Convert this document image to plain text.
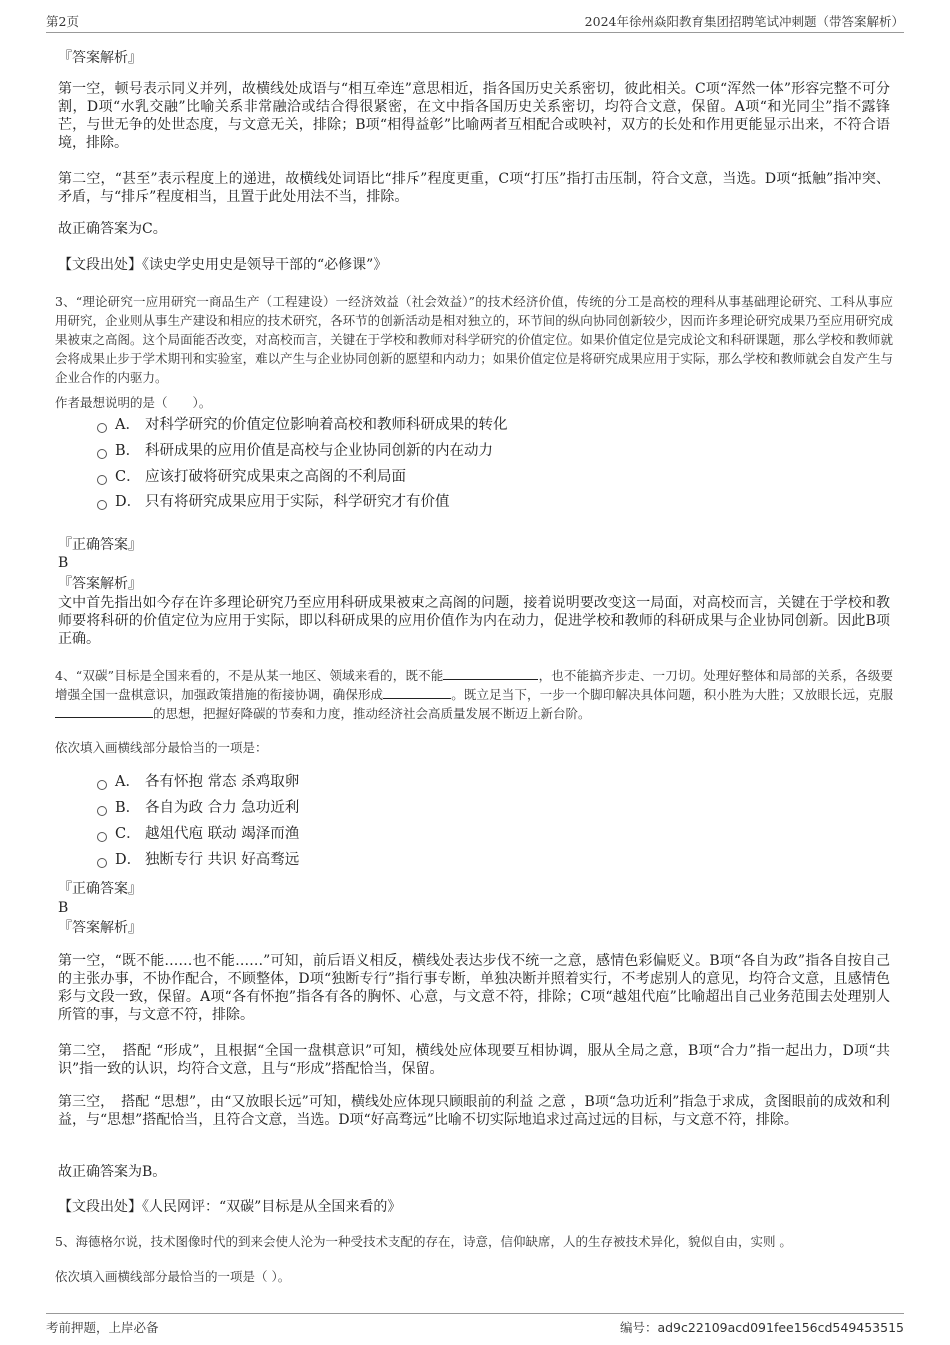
第2页	2024年徐州焱阳教育集团招聘笔试冲刺题（带答案解析）
『答案解析』
第一空，顿号表示同义并列，故横线处成语与“相互牵连”意思相近，指各国历史关系密切，彼此相关。C项“浑然一体”形容完整不可分割，D项“水乳交融”比喻关系非常融洽或结合得很紧密，在文中指各国历史关系密切，均符合文意，保留。A项“和光同尘”指不露锋芒，与世无争的处世态度，与文意无关，排除；B项“相得益彰”比喻两者互相配合或映衬，双方的长处和作用更能显示出来，不符合语境，排除。
第二空，“甚至”表示程度上的递进，故横线处词语比“排斥”程度更重，C项“打压”指打击压制，符合文意，当选。D项“抵触”指冲突、矛盾，与“排斥”程度相当，且置于此处用法不当，排除。
故正确答案为C。
【文段出处】《读史学史用史是领导干部的“必修课”》
3、“理论研究一应用研究一商品生产（工程建设）一经济效益（社会效益）”的技术经济价值，传统的分工是高校的理科从事基础理论研究、工科从事应用研究，企业则从事生产建设和相应的技术研究，各环节的创新活动是相对独立的，环节间的纵向协同创新较少，因而许多理论研究成果乃至应用研究成果被束之高阁。这个局面能否改变，对高校而言，关键在于学校和教师对科学研究的价值定位。如果价值定位是完成论文和科研课题，那么学校和教师就会将成果止步于学术期刊和实验室，难以产生与企业协同创新的愿望和内动力；如果价值定位是将研究成果应用于实际，那么学校和教师就会自发产生与企业合作的内驱力。
作者最想说明的是（　　）。
A． 对科学研究的价值定位影响着高校和教师科研成果的转化
B． 科研成果的应用价值是高校与企业协同创新的内在动力
C． 应该打破将研究成果束之高阁的不利局面
D． 只有将研究成果应用于实际，科学研究才有价值
『正确答案』
B
『答案解析』
文中首先指出如今存在许多理论研究乃至应用科研成果被束之高阁的问题，接着说明要改变这一局面，对高校而言，关键在于学校和教师要将科研的价值定位为应用于实际，即以科研成果的应用价值作为内在动力，促进学校和教师的科研成果与企业协同创新。因此B项正确。
4、“双碳”目标是全国来看的，不是从某一地区、领域来看的，既不能	，也不能搞齐步走、一刀切。处理好整体和局部的关系，各级要增强全国一盘棋意识，加强政策措施的衔接协调，确保形成	。既立足当下，一步一个脚印解决具体问题，积小胜为大胜；又放眼长远，克服的思想，把握好降碳的节奏和力度，推动经济社会高质量发展不断迈上新台阶。
依次填入画横线部分最恰当的一项是：
A． 各有怀抱 常态 杀鸡取卵
B． 各自为政 合力 急功近利
C． 越俎代庖 联动 竭泽而渔
D． 独断专行 共识 好高骛远
『正确答案』
B
『答案解析』
第一空，“既不能……也不能……”可知，前后语义相反，横线处表达步伐不统一之意，感情色彩偏贬义。B项“各自为政”指各自按自己的主张办事，不协作配合，不顾整体，D项“独断专行”指行事专断，单独决断并照着实行，不考虑别人的意见，均符合文意，且感情色彩与文段一致，保留。A项“各有怀抱”指各有各的胸怀、心意，与文意不符，排除；C项“越俎代庖”比喻超出自己业务范围去处理别人所管的事，与文意不符，排除。
第二空，　搭配 “形成”，且根据“全国一盘棋意识”可知，横线处应体现要互相协调，服从全局之意，B项“合力”指一起出力，D项“共识”指一致的认识，均符合文意，且与“形成”搭配恰当，保留。
第三空，　搭配 “思想”，由“又放眼长远”可知，横线处应体现只顾眼前的利益 之意 ，B项“急功近利”指急于求成，贪图眼前的成效和利益，与“思想”搭配恰当，且符合文意，当选。D项“好高骛远”比喻不切实际地追求过高过远的目标，与文意不符，排除。
故正确答案为B。
【文段出处】《人民网评：“双碳”目标是从全国来看的》
5、海德格尔说，技术图像时代的到来会使人沦为一种受技术支配的存在，诗意，信仰缺席，人的生存被技术异化，貌似自由，实则 。
依次填入画横线部分最恰当的一项是（ ）。
考前押题，上岸必备	编号：ad9c22109acd091fee156cd549453515
